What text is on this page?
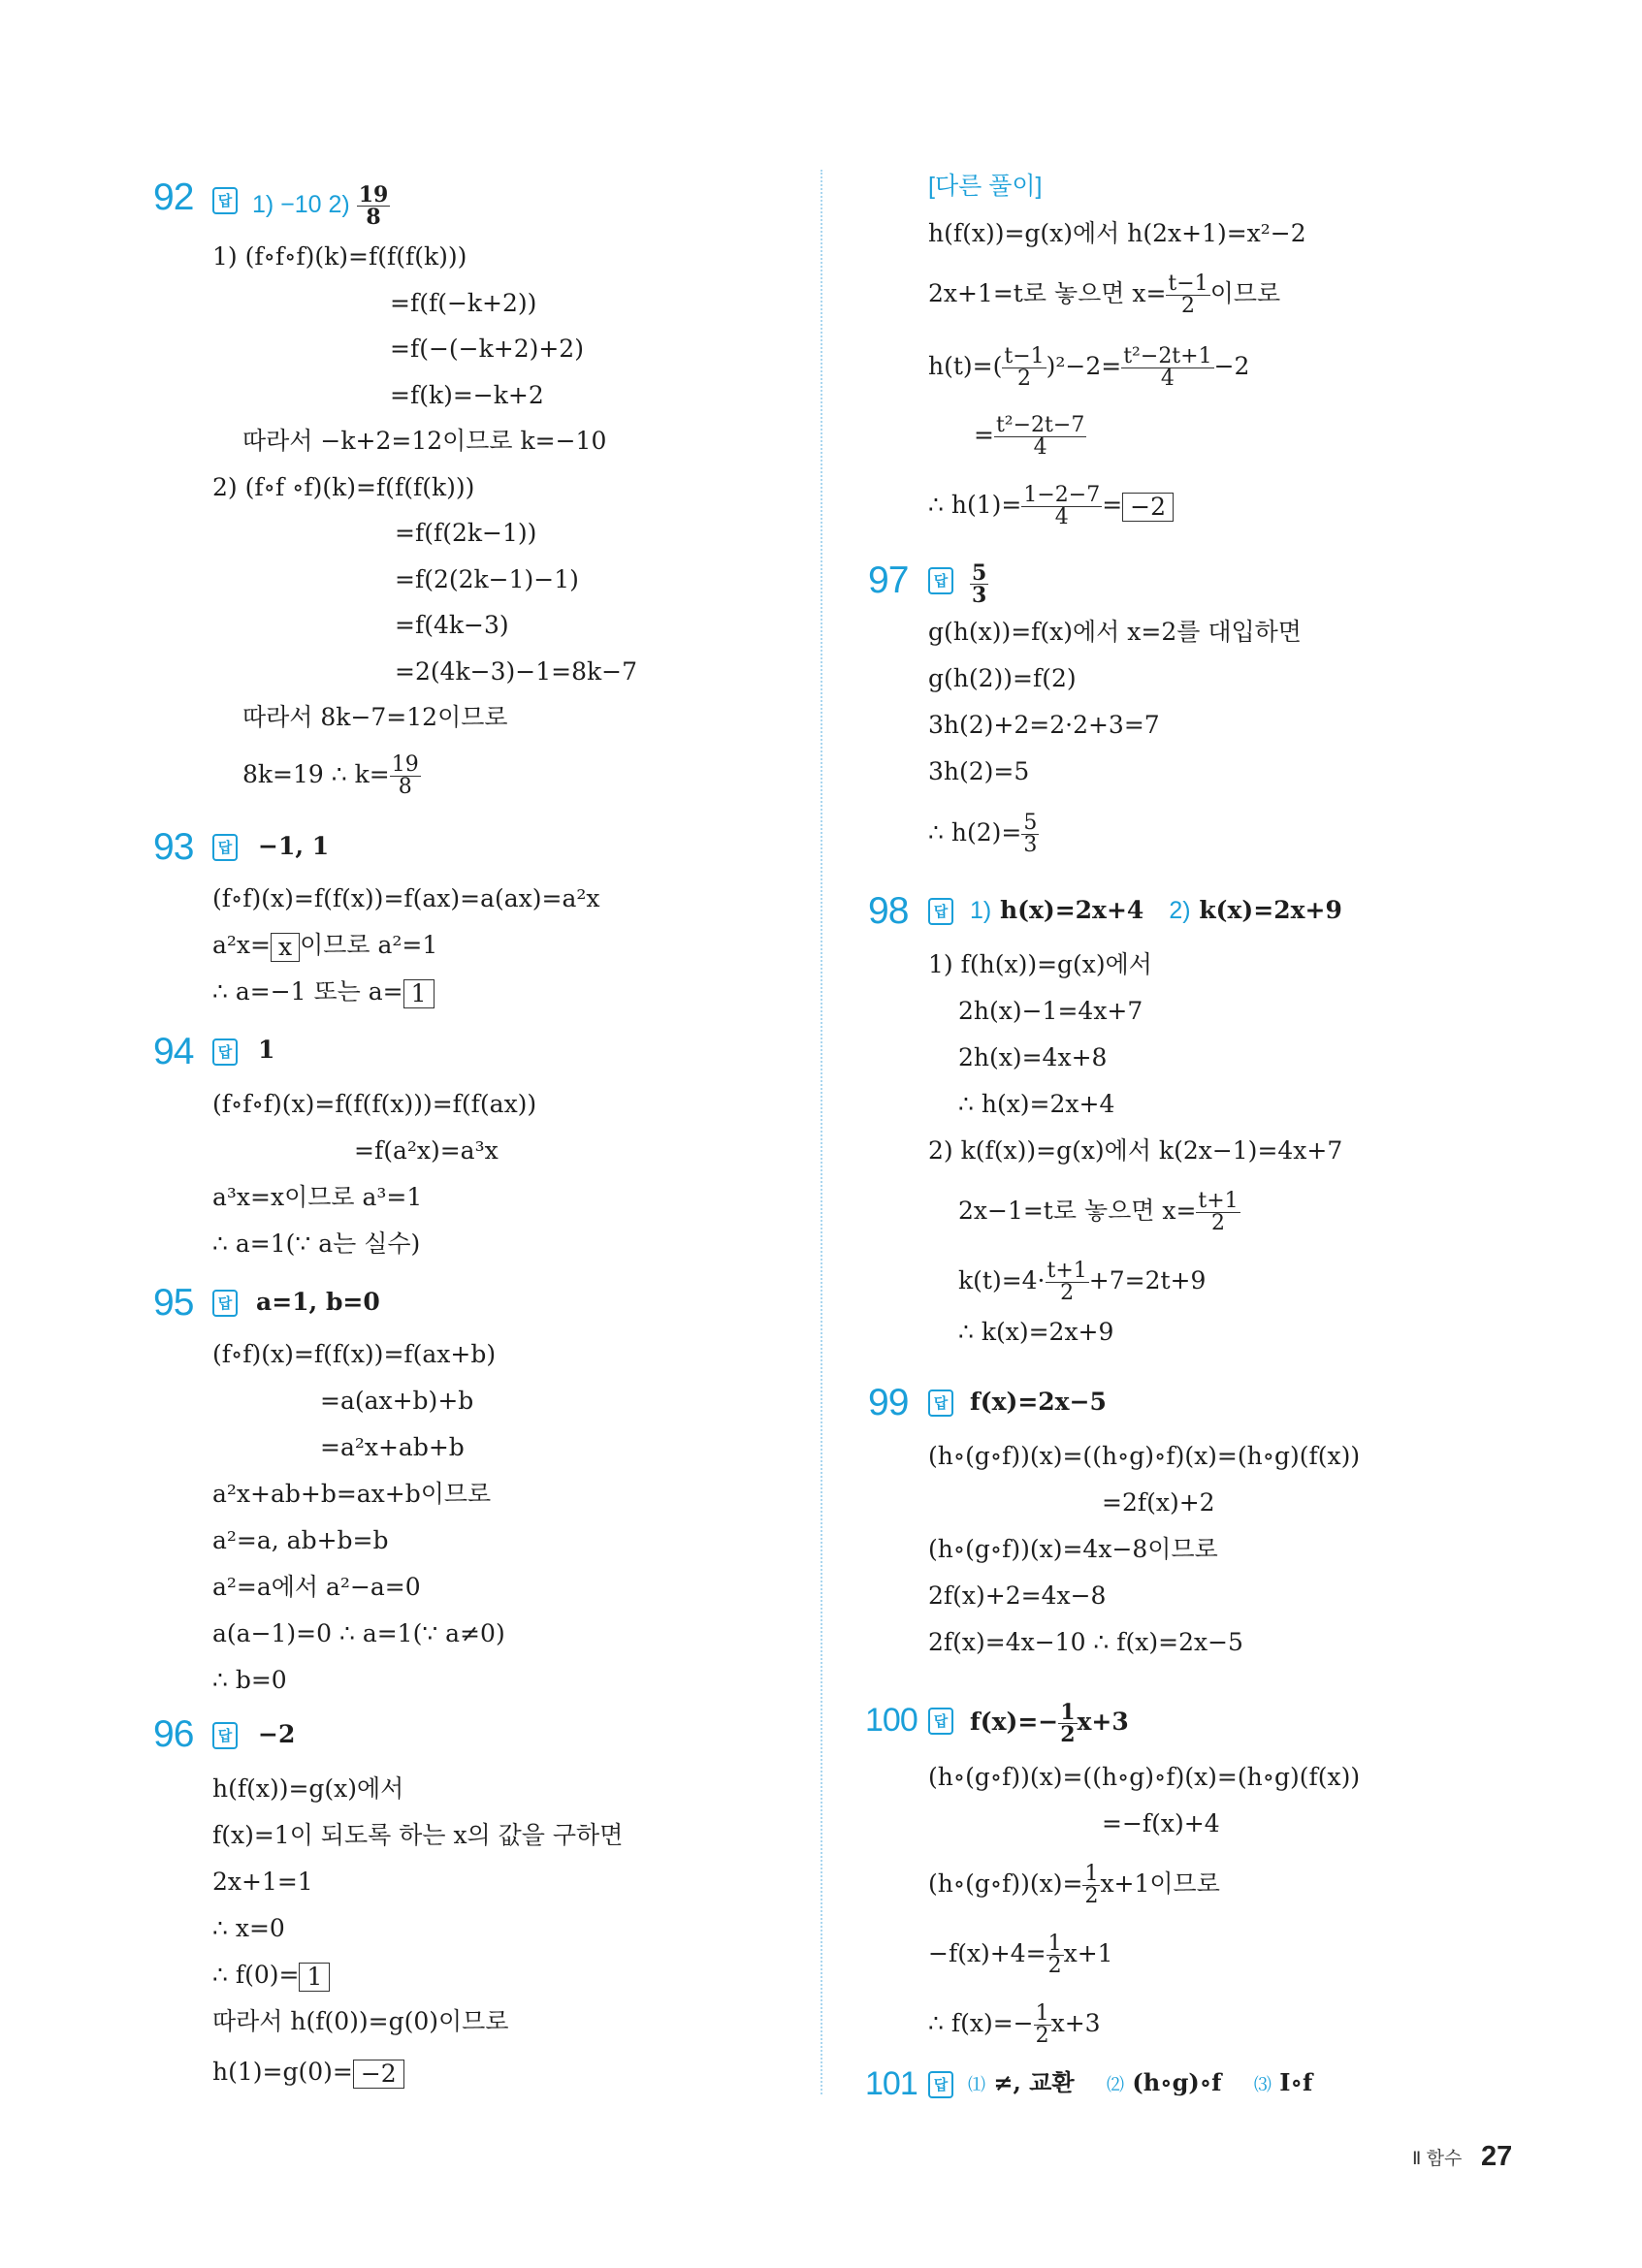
92	답 1) −10 $2) \frac{19}{8}$
1) (f∘f∘f)(k)=f(f(f(k)))
=f(f(−k+2))
=f(−(−k+2)+2)
=f(k)=−k+2
따라서 −k+2=12이므로 k=−10
2) (f∘f ∘f)(k)=f(f(f(k)))
=f(f(2k−1))
=f(2(2k−1)−1)
=f(4k−3)
=2(4k−3)−1=8k−7
따라서 8k−7=12이므로
8k=19 ∴ $k= \frac{19}{8}$
93	답 −1, 1
(f∘f)(x)=f(f(x))=f(ax)=a(ax)=a²x
a²x= x 이므로 a²=1
∴ a=−1 또는 a= 1
94	답 1
(f∘f∘f)(x)=f(f(f(x)))=f(f(ax))
=f(a²x)=a³x
a³x=x이므로 a³=1
∴ a=1(∵ a는 실수)
95	답 a=1, b=0
(f∘f)(x)=f(f(x))=f(ax+b)
=a(ax+b)+b
=a²x+ab+b
a²x+ab+b=ax+b이므로
a²=a, ab+b=b
a²=a에서 a²−a=0
a(a−1)=0 ∴ a=1(∵ a≠0)
∴ b=0
96	답 −2
h(f(x))=g(x)에서
f(x)=1이 되도록 하는 x의 값을 구하면
2x+1=1
∴ x=0
∴ f(0)= 1
따라서 h(f(0))=g(0)이므로
h(1)=g(0)= −2
[다른 풀이]
h(f(x))=g(x)에서 h(2x+1)=x²−2
2x+1=t로 놓으면 $x= \frac{t-1}{2}$ 이므로
$h(t)=( \frac{t-1}{2} )^2-2= \frac{\text{t²−2t+1}}{4} -2$
= $\frac{\text{t²−2t−7}}{4}$
∴ $h(1)= \frac{1-2-7}{4} = -2$
97	답 $\frac{5}{3}$
g(h(x))=f(x)에서 x=2를 대입하면
g(h(2))=f(2)
3h(2)+2=2·2+3=7
3h(2)=5
∴ $h(2)= \frac{5}{3}$
98	답 1) h(x)=2x+4 2) k(x)=2x+9
1) f(h(x))=g(x)에서
2h(x)−1=4x+7
2h(x)=4x+8
∴ h(x)=2x+4
2) k(f(x))=g(x)에서 k(2x−1)=4x+7
2x−1=t로 놓으면 $x= \frac{t+1}{2}$
$k(t)=4\cdot \frac{t+1}{2} +7=2t+9$
∴ k(x)=2x+9
99	답 f(x)=2x−5
(h∘(g∘f))(x)=((h∘g)∘f)(x)=(h∘g)(f(x))
=2f(x)+2
(h∘(g∘f))(x)=4x−8이므로
2f(x)+2=4x−8
2f(x)=4x−10 ∴ f(x)=2x−5
100	답 $f(x)=- \frac{1}{2} x+3$
(h∘(g∘f))(x)=((h∘g)∘f)(x)=(h∘g)(f(x))
=−f(x)+4
(h∘(g∘f))(x)= $\frac{1}{2} x+1$이므로
$-f(x)+4= \frac{1}{2} x+1$
∴ $f(x)=- \frac{1}{2} x+3$
101	답	⑴ ≠, 교환 ⑵ (h∘g)∘f ⑶ I∘f
Ⅱ 함수 27
